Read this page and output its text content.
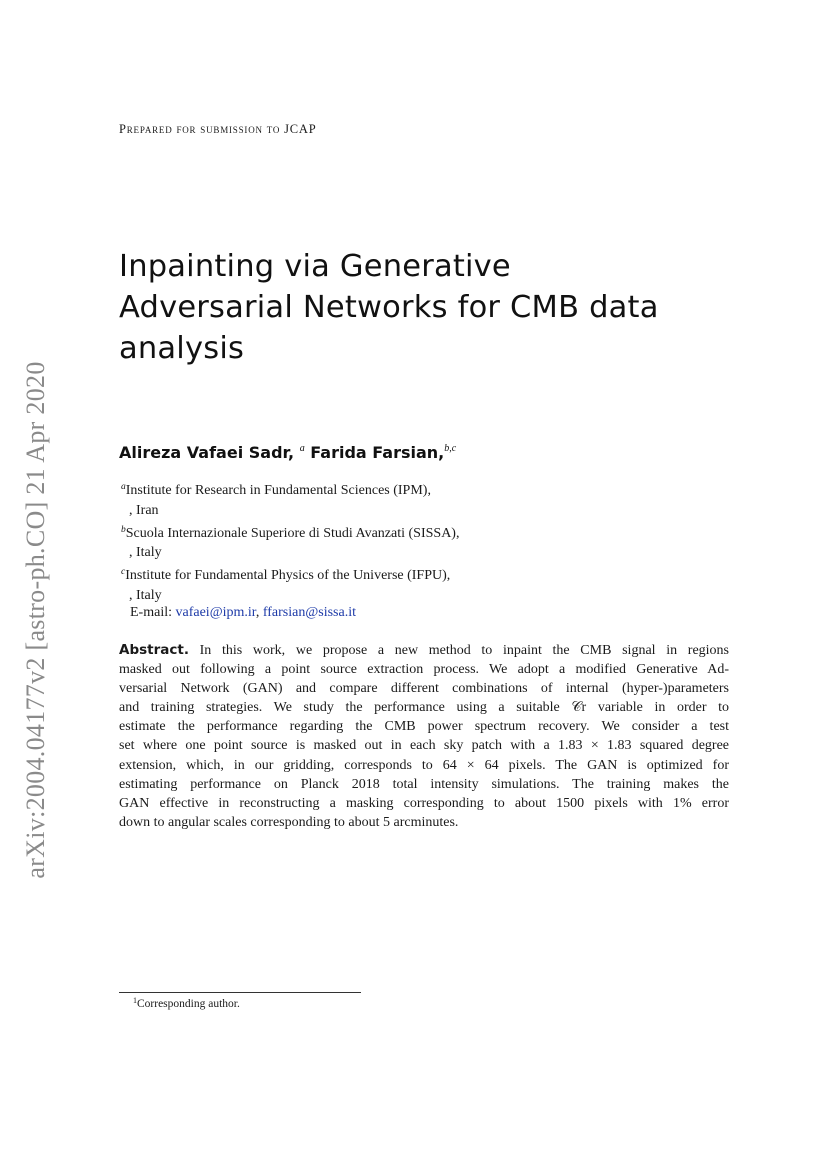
arXiv:2004.04177v2 [astro-ph.CO] 21 Apr 2020
Prepared for submission to JCAP
Inpainting via Generative
Adversarial Networks for CMB data
analysis
Alireza Vafaei Sadr, $^a$ Farida Farsian,$^{b,c}$
$^a$Institute for Research in Fundamental Sciences (IPM),
, Iran
$^b$Scuola Internazionale Superiore di Studi Avanzati (SISSA),
, Italy
$^c$Institute for Fundamental Physics of the Universe (IFPU),
, Italy
E-mail: vafaei@ipm.ir, ffarsian@sissa.it
Abstract. In this work, we propose a new method to inpaint the CMB signal in regions
masked out following a point source extraction process. We adopt a modified Generative Ad-
versarial Network (GAN) and compare different combinations of internal (hyper-)parameters
and training strategies. We study the performance using a suitable 𝒞r variable in order to
estimate the performance regarding the CMB power spectrum recovery. We consider a test
set where one point source is masked out in each sky patch with a 1.83 × 1.83 squared degree
extension, which, in our gridding, corresponds to 64 × 64 pixels. The GAN is optimized for
estimating performance on Planck 2018 total intensity simulations. The training makes the
GAN effective in reconstructing a masking corresponding to about 1500 pixels with 1% error
down to angular scales corresponding to about 5 arcminutes.
$^1$Corresponding author.
